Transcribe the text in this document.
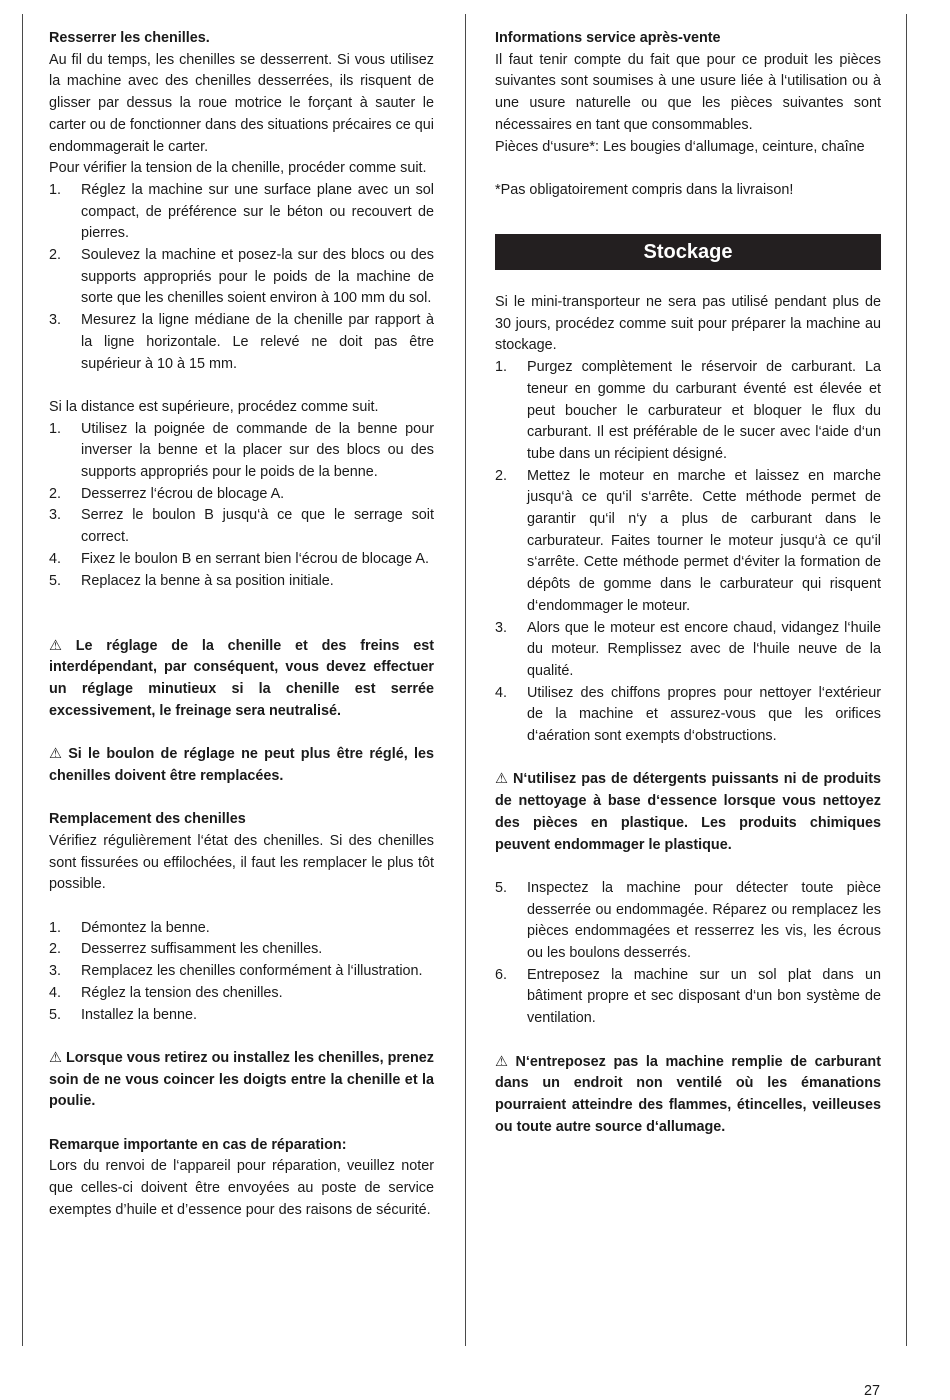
Resserrer les chenilles.

Au fil du temps, les chenilles se desserrent. Si vous utilisez la machine avec des chenilles desserrées, ils risquent de glisser par dessus la roue motrice le forçant à sauter le carter ou de fonctionner dans des situations précaires ce qui endommagerait le carter.

Pour vérifier la tension de la chenille, procéder comme suit.

1. Réglez la machine sur une surface plane avec un sol compact, de préférence sur le béton ou recouvert de pierres.
2. Soulevez la machine et posez-la sur des blocs ou des supports appropriés pour le poids de la machine de sorte que les chenilles soient environ à 100 mm du sol.
3. Mesurez la ligne médiane de la chenille par rapport à la ligne horizontale. Le relevé ne doit pas être supérieur à 10 à 15 mm.

Si la distance est supérieure, procédez comme suit.

1. Utilisez la poignée de commande de la benne pour inverser la benne et la placer sur des blocs ou des supports appropriés pour le poids de la benne.
2. Desserrez l‘écrou de blocage A.
3. Serrez le boulon B jusqu‘à ce que le serrage soit correct.
4. Fixez le boulon B en serrant bien l‘écrou de blocage A.
5. Replacez la benne à sa position initiale.

⚠ Le réglage de la chenille et des freins est interdépendant, par conséquent, vous devez effectuer un réglage minutieux si la chenille est serrée excessivement, le freinage sera neutralisé.

⚠ Si le boulon de réglage ne peut plus être réglé, les chenilles doivent être remplacées.

Remplacement des chenilles

Vérifiez régulièrement l‘état des chenilles. Si des chenilles sont fissurées ou effilochées, il faut les remplacer le plus tôt possible.

1. Démontez la benne.
2. Desserrez suffisamment les chenilles.
3. Remplacez les chenilles conformément à l‘illustration.
4. Réglez la tension des chenilles.
5. Installez la benne.

⚠ Lorsque vous retirez ou installez les chenilles, prenez soin de ne vous coincer les doigts entre la chenille et la poulie.

Remarque importante en cas de réparation:

Lors du renvoi de l‘appareil pour réparation, veuillez noter que celles-ci doivent être envoyées au poste de service exemptes d’huile et d’essence pour des raisons de sécurité.

Informations service après-vente

Il faut tenir compte du fait que pour ce produit les pièces suivantes sont soumises à une usure liée à l‘utilisation ou à une usure naturelle ou que les pièces suivantes sont nécessaires en tant que consommables.

Pièces d‘usure*: Les bougies d‘allumage, ceinture, chaîne

*Pas obligatoirement compris dans la livraison!

Stockage

Si le mini-transporteur ne sera pas utilisé pendant plus de 30 jours, procédez comme suit pour préparer la machine au stockage.

1. Purgez complètement le réservoir de carburant. La teneur en gomme du carburant éventé est élevée et peut boucher le carburateur et bloquer le flux du carburant. Il est préférable de le sucer avec l‘aide d‘un tube dans un récipient désigné.
2. Mettez le moteur en marche et laissez en marche jusqu‘à ce qu‘il s‘arrête. Cette méthode permet de garantir qu‘il n‘y a plus de carburant dans le carburateur. Faites tourner le moteur jusqu‘à ce qu‘il s‘arrête. Cette méthode permet d‘éviter la formation de dépôts de gomme dans le carburateur qui risquent d‘endommager le moteur.
3. Alors que le moteur est encore chaud, vidangez l‘huile du moteur. Remplissez avec de l‘huile neuve de la qualité.
4. Utilisez des chiffons propres pour nettoyer l‘extérieur de la machine et assurez-vous que les orifices d‘aération sont exempts d‘obstructions.

⚠ N‘utilisez pas de détergents puissants ni de produits de nettoyage à base d‘essence lorsque vous nettoyez des pièces en plastique. Les produits chimiques peuvent endommager le plastique.

5. Inspectez la machine pour détecter toute pièce desserrée ou endommagée. Réparez ou remplacez les pièces endommagées et resserrez les vis, les écrous ou les boulons desserrés.
6. Entreposez la machine sur un sol plat dans un bâtiment propre et sec disposant d‘un bon système de ventilation.

⚠ N‘entreposez pas la machine remplie de carburant dans un endroit non ventilé où les émanations pourraient atteindre des flammes, étincelles, veilleuses ou toute autre source d‘allumage.

27
